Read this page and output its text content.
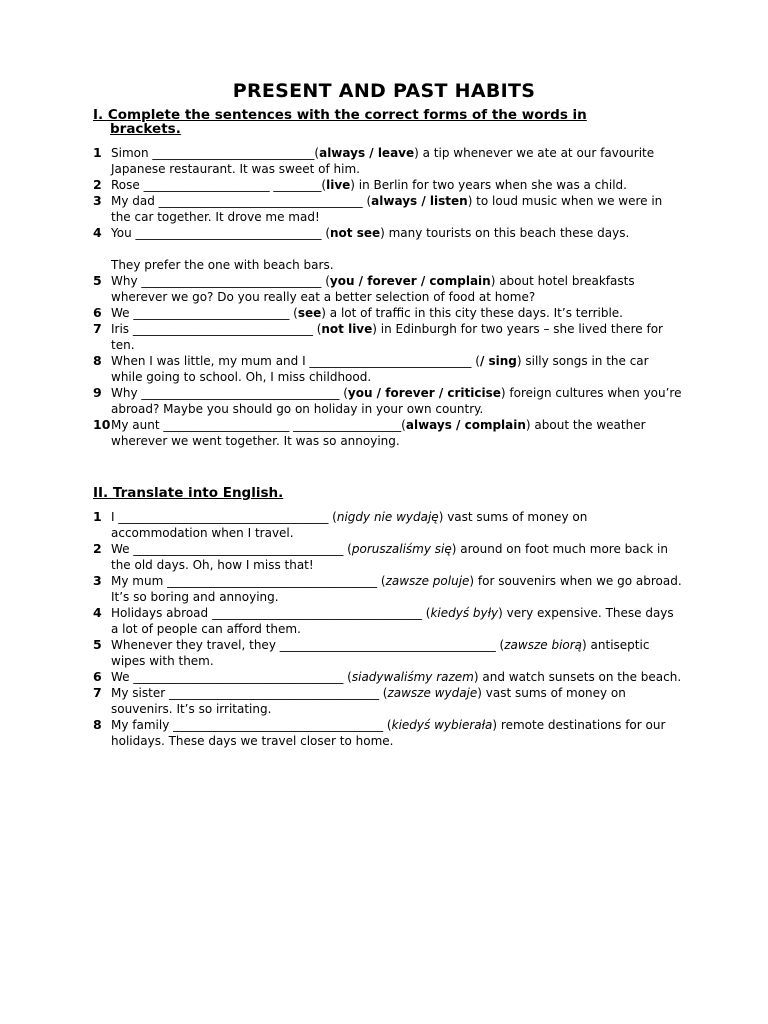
PRESENT AND PAST HABITS
I. Complete the sentences with the correct forms of the words in
brackets.
1 Simon ___________________________(always / leave) a tip whenever we ate at our favourite Japanese restaurant. It was sweet of him.
2 Rose _____________________ ________(live) in Berlin for two years when she was a child.
3 My dad __________________________________ (always / listen) to loud music when we were in the car together. It drove me mad!
4 You _______________________________ (not see) many tourists on this beach these days.
They prefer the one with beach bars.
5 Why ______________________________ (you / forever / complain) about hotel breakfasts wherever we go? Do you really eat a better selection of food at home?
6 We __________________________ (see) a lot of traffic in this city these days. It’s terrible.
7 Iris ______________________________ (not live) in Edinburgh for two years – she lived there for ten.
8 When I was little, my mum and I ___________________________ (/ sing) silly songs in the car while going to school. Oh, I miss childhood.
9 Why _________________________________ (you / forever / criticise) foreign cultures when you’re abroad? Maybe you should go on holiday in your own country.
10 My aunt _____________________ __________________(always / complain) about the weather wherever we went together. It was so annoying.
II. Translate into English.
1 I ___________________________________ (nigdy nie wydaję) vast sums of money on accommodation when I travel.
2 We ___________________________________ (poruszaliśmy się) around on foot much more back in the old days. Oh, how I miss that!
3 My mum ___________________________________ (zawsze poluje) for souvenirs when we go abroad. It’s so boring and annoying.
4 Holidays abroad ___________________________________ (kiedyś były) very expensive. These days a lot of people can afford them.
5 Whenever they travel, they ____________________________________ (zawsze biorą) antiseptic wipes with them.
6 We ___________________________________ (siadywaliśmy razem) and watch sunsets on the beach.
7 My sister ___________________________________ (zawsze wydaje) vast sums of money on souvenirs. It’s so irritating.
8 My family ___________________________________ (kiedyś wybierała) remote destinations for our holidays. These days we travel closer to home.
